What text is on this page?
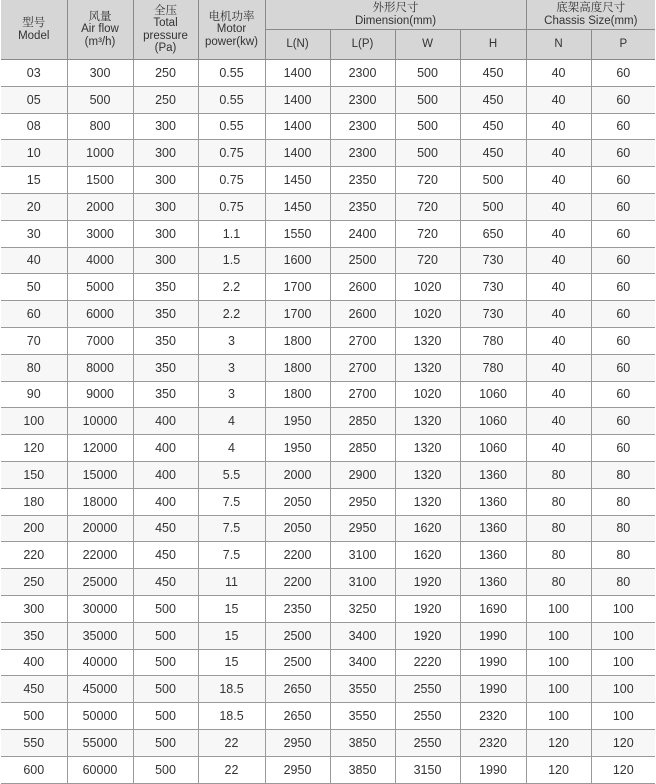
型号
Model	风量
Air flow
(m³/h)	全压
Total
pressure
(Pa)	电机功率
Motor
power(kw)	外形尺寸
Dimension(mm)				底架高度尺寸
Chassis Size(mm)	

				L(N)	L(P)	W	H	N	P
03	300	250	0.55	1400	2300	500	450	40	60
05	500	250	0.55	1400	2300	500	450	40	60
08	800	300	0.55	1400	2300	500	450	40	60
10	1000	300	0.75	1400	2300	500	450	40	60
15	1500	300	0.75	1450	2350	720	500	40	60
20	2000	300	0.75	1450	2350	720	500	40	60
30	3000	300	1.1	1550	2400	720	650	40	60
40	4000	300	1.5	1600	2500	720	730	40	60
50	5000	350	2.2	1700	2600	1020	730	40	60
60	6000	350	2.2	1700	2600	1020	730	40	60
70	7000	350	3	1800	2700	1320	780	40	60
80	8000	350	3	1800	2700	1320	780	40	60
90	9000	350	3	1800	2700	1020	1060	40	60
100	10000	400	4	1950	2850	1320	1060	40	60
120	12000	400	4	1950	2850	1320	1060	40	60
150	15000	400	5.5	2000	2900	1320	1360	80	80
180	18000	400	7.5	2050	2950	1320	1360	80	80
200	20000	450	7.5	2050	2950	1620	1360	80	80
220	22000	450	7.5	2200	3100	1620	1360	80	80
250	25000	450	11	2200	3100	1920	1360	80	80
300	30000	500	15	2350	3250	1920	1690	100	100
350	35000	500	15	2500	3400	1920	1990	100	100
400	40000	500	15	2500	3400	2220	1990	100	100
450	45000	500	18.5	2650	3550	2550	1990	100	100
500	50000	500	18.5	2650	3550	2550	2320	100	100
550	55000	500	22	2950	3850	2550	2320	120	120
600	60000	500	22	2950	3850	3150	1990	120	120
